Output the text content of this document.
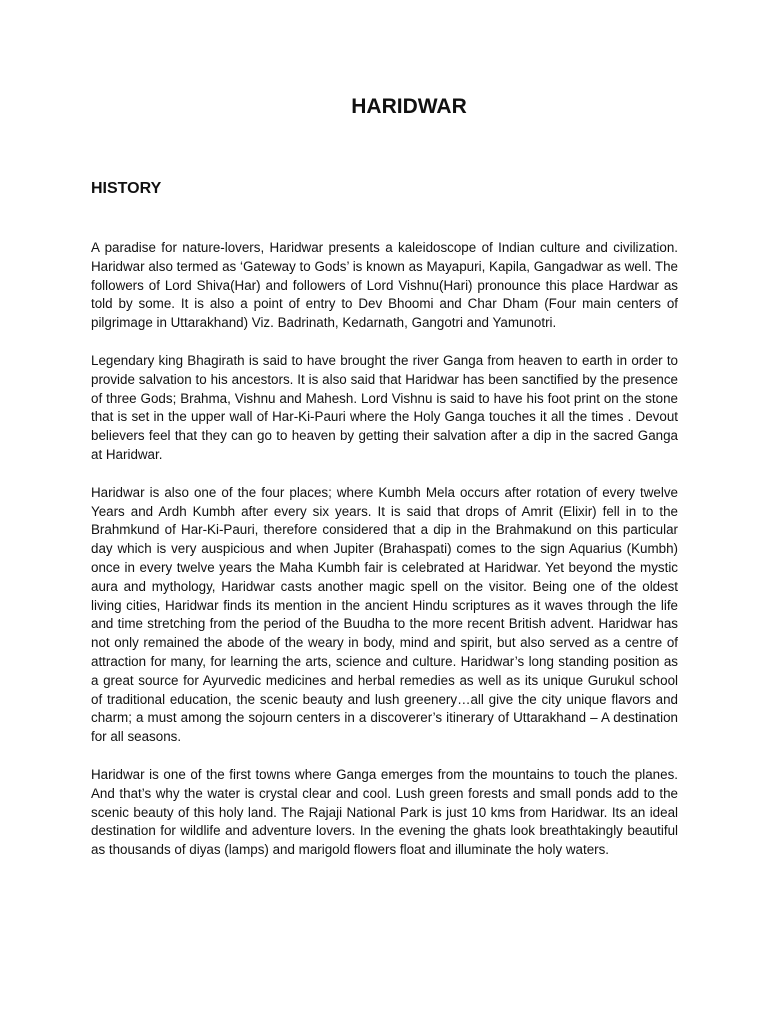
HARIDWAR
HISTORY

A paradise for nature-lovers, Haridwar presents a kaleidoscope of Indian culture and civilization. Haridwar also termed as ‘Gateway to Gods’ is known as Mayapuri, Kapila, Gangadwar as well. The followers of Lord Shiva(Har) and followers of Lord Vishnu(Hari) pronounce this place Hardwar as told by some. It is also a point of entry to Dev Bhoomi and Char Dham (Four main centers of pilgrimage in Uttarakhand) Viz. Badrinath, Kedarnath, Gangotri and Yamunotri.

Legendary king Bhagirath is said to have brought the river Ganga from heaven to earth in order to provide salvation to his ancestors. It is also said that Haridwar has been sanctified by the presence of three Gods; Brahma, Vishnu and Mahesh. Lord Vishnu is said to have his foot print on the stone that is set in the upper wall of Har-Ki-Pauri where the Holy Ganga touches it all the times . Devout believers feel that they can go to heaven by getting their salvation after a dip in the sacred Ganga at Haridwar.

Haridwar is also one of the four places; where Kumbh Mela occurs after rotation of every twelve Years and Ardh Kumbh after every six years. It is said that drops of Amrit (Elixir) fell in to the Brahmkund of Har-Ki-Pauri, therefore considered that a dip in the Brahmakund on this particular day which is very auspicious and when Jupiter (Brahaspati) comes to the sign Aquarius (Kumbh) once in every twelve years the Maha Kumbh fair is celebrated at Haridwar. Yet beyond the mystic aura and mythology, Haridwar casts another magic spell on the visitor. Being one of the oldest living cities, Haridwar finds its mention in the ancient Hindu scriptures as it waves through the life and time stretching from the period of the Buudha to the more recent British advent. Haridwar has not only remained the abode of the weary in body, mind and spirit, but also served as a centre of attraction for many, for learning the arts, science and culture. Haridwar’s long standing position as a great source for Ayurvedic medicines and herbal remedies as well as its unique Gurukul school of traditional education, the scenic beauty and lush greenery…all give the city unique flavors and charm; a must among the sojourn centers in a discoverer’s itinerary of Uttarakhand – A destination for all seasons.

Haridwar is one of the first towns where Ganga emerges from the mountains to touch the planes. And that’s why the water is crystal clear and cool. Lush green forests and small ponds add to the scenic beauty of this holy land. The Rajaji National Park is just 10 kms from Haridwar. Its an ideal destination for wildlife and adventure lovers. In the evening the ghats look breathtakingly beautiful as thousands of diyas (lamps) and marigold flowers float and illuminate the holy waters.
